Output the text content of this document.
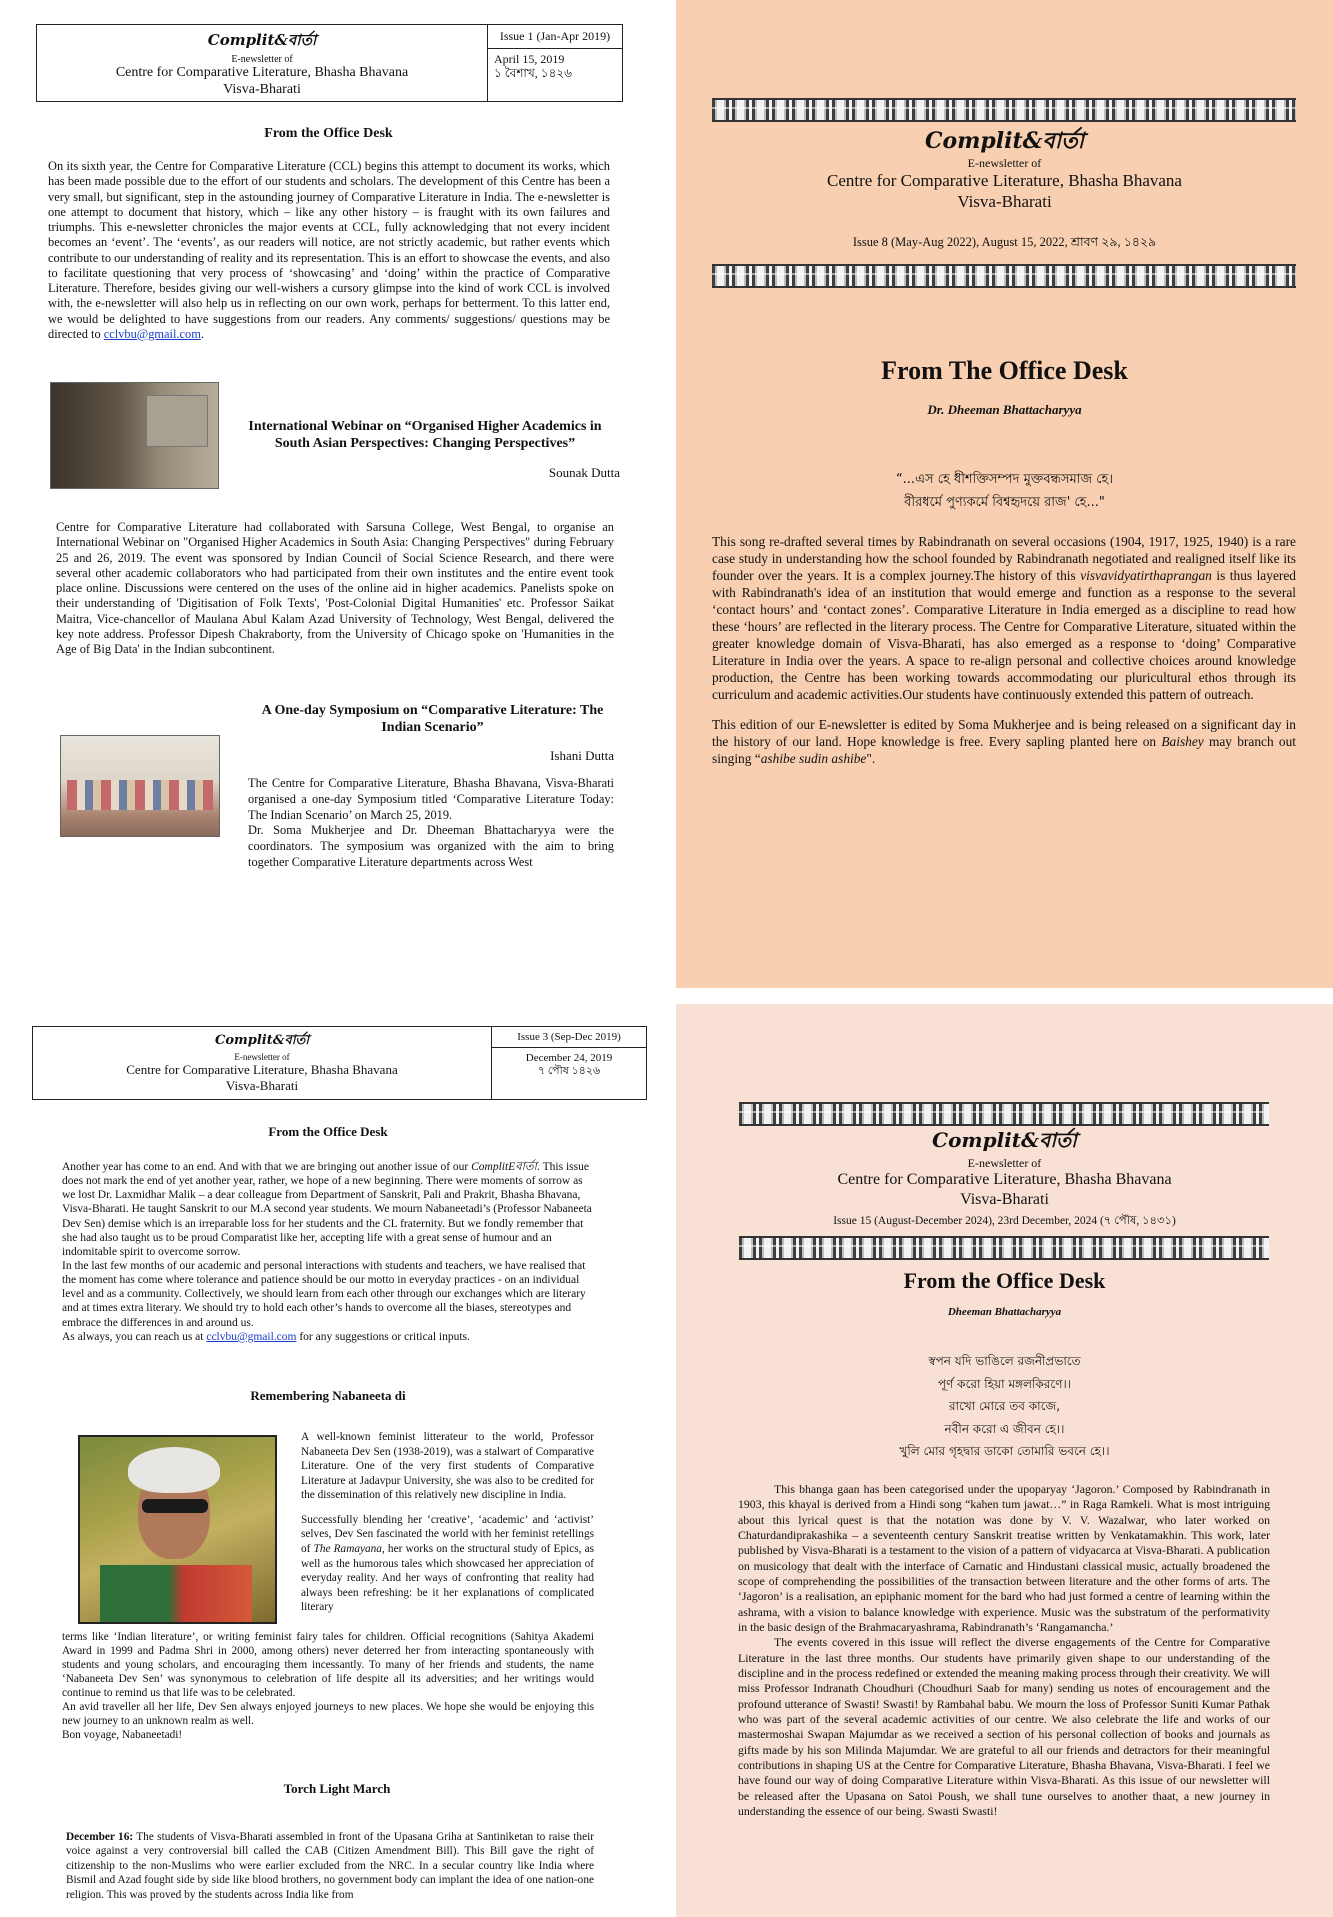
Complit&বার্তা
E-newsletter of
Centre for Comparative Literature, Bhasha Bhavana
Visva-Bharati
Issue 1 (Jan-Apr 2019)
April 15, 2019
১ বৈশাখ, ১৪২৬
From the Office Desk
On its sixth year, the Centre for Comparative Literature (CCL) begins this attempt to document its works, which has been made possible due to the effort of our students and scholars. The development of this Centre has been a very small, but significant, step in the astounding journey of Comparative Literature in India. The e-newsletter is one attempt to document that history, which – like any other history – is fraught with its own failures and triumphs. This e-newsletter chronicles the major events at CCL, fully acknowledging that not every incident becomes an ‘event’. The ‘events’, as our readers will notice, are not strictly academic, but rather events which contribute to our understanding of reality and its representation. This is an effort to showcase the events, and also to facilitate questioning that very process of ‘showcasing’ and ‘doing’ within the practice of Comparative Literature. Therefore, besides giving our well-wishers a cursory glimpse into the kind of work CCL is involved with, the e-newsletter will also help us in reflecting on our own work, perhaps for betterment. To this latter end, we would be delighted to have suggestions from our readers. Any comments/ suggestions/ questions may be directed to cclvbu@gmail.com.
International Webinar on “Organised Higher Academics in South Asian Perspectives: Changing Perspectives”
Sounak Dutta
Centre for Comparative Literature had collaborated with Sarsuna College, West Bengal, to organise an International Webinar on "Organised Higher Academics in South Asia: Changing Perspectives" during February 25 and 26, 2019. The event was sponsored by Indian Council of Social Science Research, and there were several other academic collaborators who had participated from their own institutes and the entire event took place online. Discussions were centered on the uses of the online aid in higher academics. Panelists spoke on their understanding of 'Digitisation of Folk Texts', 'Post-Colonial Digital Humanities' etc. Professor Saikat Maitra, Vice-chancellor of Maulana Abul Kalam Azad University of Technology, West Bengal, delivered the key note address. Professor Dipesh Chakraborty, from the University of Chicago spoke on 'Humanities in the Age of Big Data' in the Indian subcontinent.
A One-day Symposium on “Comparative Literature: The Indian Scenario”
Ishani Dutta

The Centre for Comparative Literature, Bhasha Bhavana, Visva-Bharati organised a one-day Symposium titled ‘Comparative Literature Today: The Indian Scenario’ on March 25, 2019.

Dr. Soma Mukherjee and Dr. Dheeman Bhattacharyya were the coordinators. The symposium was organized with the aim to bring together Comparative Literature departments across West

Complit&বার্তা
E-newsletter of
Centre for Comparative Literature, Bhasha Bhavana
Visva-Bharati
Issue 8 (May-Aug 2022), August 15, 2022, শ্রাবণ ২৯, ১৪২৯
From The Office Desk
Dr. Dheeman Bhattacharyya
“...এস হে ধীশক্তিসম্পদ মুক্তবন্ধসমাজ হে।
বীরধর্মে পুণ্যকর্মে বিশ্বহৃদয়ে রাজ' হে..."

This song re-drafted several times by Rabindranath on several occasions (1904, 1917, 1925, 1940) is a rare case study in understanding how the school founded by Rabindranath negotiated and realigned itself like its founder over the years. It is a complex journey.The history of this visvavidyatirthaprangan is thus layered with Rabindranath's idea of an institution that would emerge and function as a response to the several ‘contact hours’ and ‘contact zones’. Comparative Literature in India emerged as a discipline to read how these ‘hours’ are reflected in the literary process. The Centre for Comparative Literature, situated within the greater knowledge domain of Visva-Bharati, has also emerged as a response to ‘doing’ Comparative Literature in India over the years. A space to re-align personal and collective choices around knowledge production, the Centre has been working towards accommodating our pluricultural ethos through its curriculum and academic activities.Our students have continuously extended this pattern of outreach.

This edition of our E-newsletter is edited by Soma Mukherjee and is being released on a significant day in the history of our land. Hope knowledge is free. Every sapling planted here on Baishey may branch out singing “ashibe sudin ashibe".

Complit&বার্তা
E-newsletter of
Centre for Comparative Literature, Bhasha Bhavana
Visva-Bharati
Issue 3 (Sep-Dec 2019)
December 24, 2019
৭ পৌষ ১৪২৬
From the Office Desk

Another year has come to an end. And with that we are bringing out another issue of our ComplitEবার্তা. This issue does not mark the end of yet another year, rather, we hope of a new beginning. There were moments of sorrow as we lost Dr. Laxmidhar Malik – a dear colleague from Department of Sanskrit, Pali and Prakrit, Bhasha Bhavana, Visva-Bharati. He taught Sanskrit to our M.A second year students. We mourn Nabaneetadi’s (Professor Nabaneeta Dev Sen) demise which is an irreparable loss for her students and the CL fraternity. But we fondly remember that she had also taught us to be proud Comparatist like her, accepting life with a great sense of humour and an indomitable spirit to overcome sorrow.

In the last few months of our academic and personal interactions with students and teachers, we have realised that the moment has come where tolerance and patience should be our motto in everyday practices - on an individual level and as a community. Collectively, we should learn from each other through our exchanges which are literary and at times extra literary. We should try to hold each other’s hands to overcome all the biases, stereotypes and embrace the differences in and around us.

As always, you can reach us at cclvbu@gmail.com for any suggestions or critical inputs.

Remembering Nabaneeta di

A well-known feminist litterateur to the world, Professor Nabaneeta Dev Sen (1938-2019), was a stalwart of Comparative Literature. One of the very first students of Comparative Literature at Jadavpur University, she was also to be credited for the dissemination of this relatively new discipline in India.

Successfully blending her ‘creative’, ‘academic’ and ‘activist’ selves, Dev Sen fascinated the world with her feminist retellings of The Ramayana, her works on the structural study of Epics, as well as the humorous tales which showcased her appreciation of everyday reality. And her ways of confronting that reality had always been refreshing: be it her explanations of complicated literary

terms like ‘Indian literature’, or writing feminist fairy tales for children. Official recognitions (Sahitya Akademi Award in 1999 and Padma Shri in 2000, among others) never deterred her from interacting spontaneously with students and young scholars, and encouraging them incessantly. To many of her friends and students, the name ‘Nabaneeta Dev Sen’ was synonymous to celebration of life despite all its adversities; and her writings would continue to remind us that life was to be celebrated.

An avid traveller all her life, Dev Sen always enjoyed journeys to new places. We hope she would be enjoying this new journey to an unknown realm as well.

Bon voyage, Nabaneetadi!

Torch Light March
December 16: The students of Visva-Bharati assembled in front of the Upasana Griha at Santiniketan to raise their voice against a very controversial bill called the CAB (Citizen Amendment Bill). This Bill gave the right of citizenship to the non-Muslims who were earlier excluded from the NRC. In a secular country like India where Bismil and Azad fought side by side like blood brothers, no government body can implant the idea of one nation-one religion. This was proved by the students across India like from
Complit&বার্তা
E-newsletter of
Centre for Comparative Literature, Bhasha Bhavana
Visva-Bharati
Issue 15 (August-December 2024), 23rd December, 2024 (৭ পৌষ, ১৪৩১)
From the Office Desk
Dheeman Bhattacharyya
স্বপন যদি ভাঙিলে রজনীপ্রভাতে
পূর্ণ করো হিয়া মঙ্গলকিরণে।।
রাখো মোরে তব কাজে,
নবীন করো এ জীবন হে।।
খুলি মোর গৃহদ্বার ডাকো তোমারি ভবনে হে।।

This bhanga gaan has been categorised under the upoparyay ‘Jagoron.’ Composed by Rabindranath in 1903, this khayal is derived from a Hindi song “kahen tum jawat…” in Raga Ramkeli. What is most intriguing about this lyrical quest is that the notation was done by V. V. Wazalwar, who later worked on Chaturdandiprakashika – a seventeenth century Sanskrit treatise written by Venkatamakhin. This work, later published by Visva-Bharati is a testament to the vision of a pattern of vidyacarca at Visva-Bharati. A publication on musicology that dealt with the interface of Carnatic and Hindustani classical music, actually broadened the scope of comprehending the possibilities of the transaction between literature and the other forms of arts. The ‘Jagoron’ is a realisation, an epiphanic moment for the bard who had just formed a centre of learning within the ashrama, with a vision to balance knowledge with experience. Music was the substratum of the performativity in the basic design of the Brahmacaryashrama, Rabindranath’s ‘Rangamancha.’

The events covered in this issue will reflect the diverse engagements of the Centre for Comparative Literature in the last three months. Our students have primarily given shape to our understanding of the discipline and in the process redefined or extended the meaning making process through their creativity. We will miss Professor Indranath Choudhuri (Choudhuri Saab for many) sending us notes of encouragement and the profound utterance of Swasti! Swasti! by Rambahal babu. We mourn the loss of Professor Suniti Kumar Pathak who was part of the several academic activities of our centre. We also celebrate the life and works of our mastermoshai Swapan Majumdar as we received a section of his personal collection of books and journals as gifts made by his son Milinda Majumdar. We are grateful to all our friends and detractors for their meaningful contributions in shaping US at the Centre for Comparative Literature, Bhasha Bhavana, Visva-Bharati. I feel we have found our way of doing Comparative Literature within Visva-Bharati. As this issue of our newsletter will be released after the Upasana on Satoi Poush, we shall tune ourselves to another thaat, a new journey in understanding the essence of our being. Swasti Swasti!
